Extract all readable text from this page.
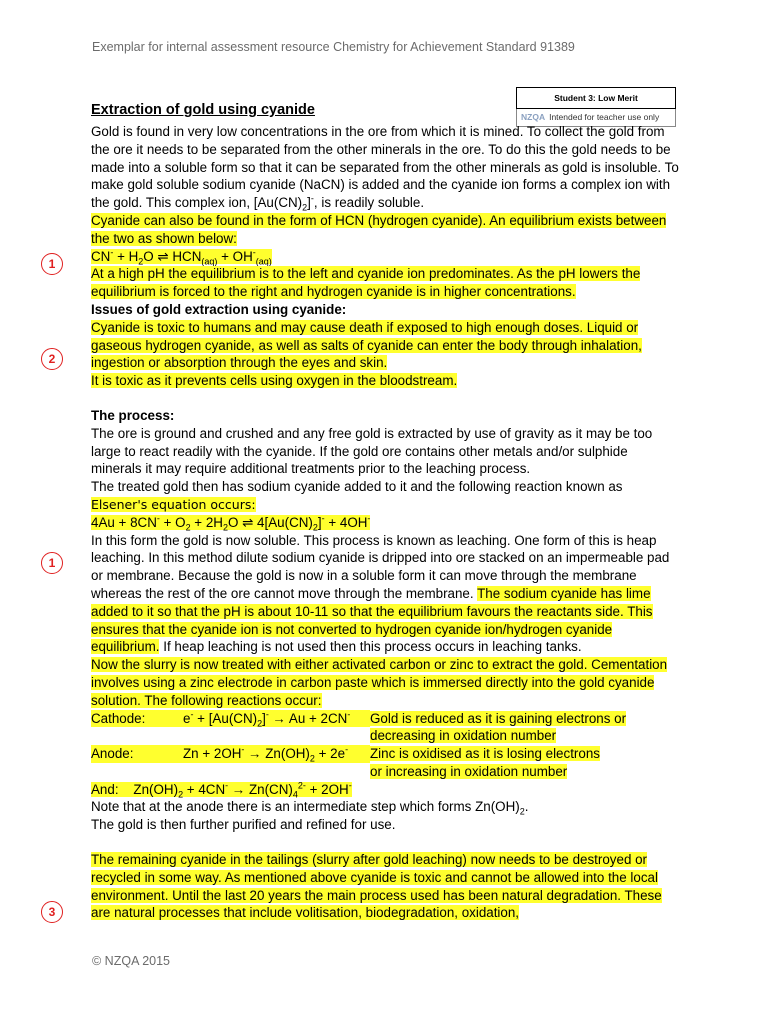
Exemplar for internal assessment resource Chemistry for Achievement Standard 91389
Student 3: Low Merit
NZQA Intended for teacher use only
1
2
1
3
Extraction of gold using cyanide

Gold is found in very low concentrations in the ore from which it is mined. To collect the gold from the ore it needs to be separated from the other minerals in the ore. To do this the gold needs to be made into a soluble form so that it can be separated from the other minerals as gold is insoluble. To make gold soluble sodium cyanide (NaCN) is added and the cyanide ion forms a complex ion with the gold. This complex ion, $[Au(CN)_2]^-$, is readily soluble.

Cyanide can also be found in the form of HCN (hydrogen cyanide). An equilibrium exists between the two as shown below:

$CN^- + H_2O$ ⇌ $HCN_{(aq)} + OH^-_{(aq)}$

At a high pH the equilibrium is to the left and cyanide ion predominates. As the pH lowers the equilibrium is forced to the right and hydrogen cyanide is in higher concentrations.

Issues of gold extraction using cyanide:

Cyanide is toxic to humans and may cause death if exposed to high enough doses. Liquid or gaseous hydrogen cyanide, as well as salts of cyanide can enter the body through inhalation, ingestion or absorption through the eyes and skin.

It is toxic as it prevents cells using oxygen in the bloodstream.

The process:

The ore is ground and crushed and any free gold is extracted by use of gravity as it may be too large to react readily with the cyanide. If the gold ore contains other metals and/or sulphide minerals it may require additional treatments prior to the leaching process.

The treated gold then has sodium cyanide added to it and the following reaction known as

Elsener's equation occurs:

$4Au + 8CN^- + O_2 + 2H_2O$ ⇌ $4[Au(CN)_2]^- + 4OH^-$

In this form the gold is now soluble. This process is known as leaching. One form of this is heap leaching. In this method dilute sodium cyanide is dripped into ore stacked on an impermeable pad or membrane. Because the gold is now in a soluble form it can move through the membrane whereas the rest of the ore cannot move through the membrane. The sodium cyanide has lime added to it so that the pH is about 10-11 so that the equilibrium favours the reactants side. This ensures that the cyanide ion is not converted to hydrogen cyanide ion/hydrogen cyanide equilibrium. If heap leaching is not used then this process occurs in leaching tanks.

Now the slurry is now treated with either activated carbon or zinc to extract the gold. Cementation involves using a zinc electrode in carbon paste which is immersed directly into the gold cyanide solution. The following reactions occur:

Cathode:	$e^- + [Au(CN)_2]^- \to Au + 2CN^-$	Gold is reduced as it is gaining electrons or
decreasing in oxidation number
Anode:	$Zn + 2OH^- \to Zn(OH)_2 + 2e^-$	Zinc is oxidised as it is losing electrons
or increasing in oxidation number

And:    $Zn(OH)_2 + 4CN^- \to Zn(CN)_4^{2-} + 2OH^-$

Note that at the anode there is an intermediate step which forms $Zn(OH)_2$.

The gold is then further purified and refined for use.

The remaining cyanide in the tailings (slurry after gold leaching) now needs to be destroyed or recycled in some way. As mentioned above cyanide is toxic and cannot be allowed into the local environment. Until the last 20 years the main process used has been natural degradation. These are natural processes that include volitisation, biodegradation, oxidation,

© NZQA 2015
